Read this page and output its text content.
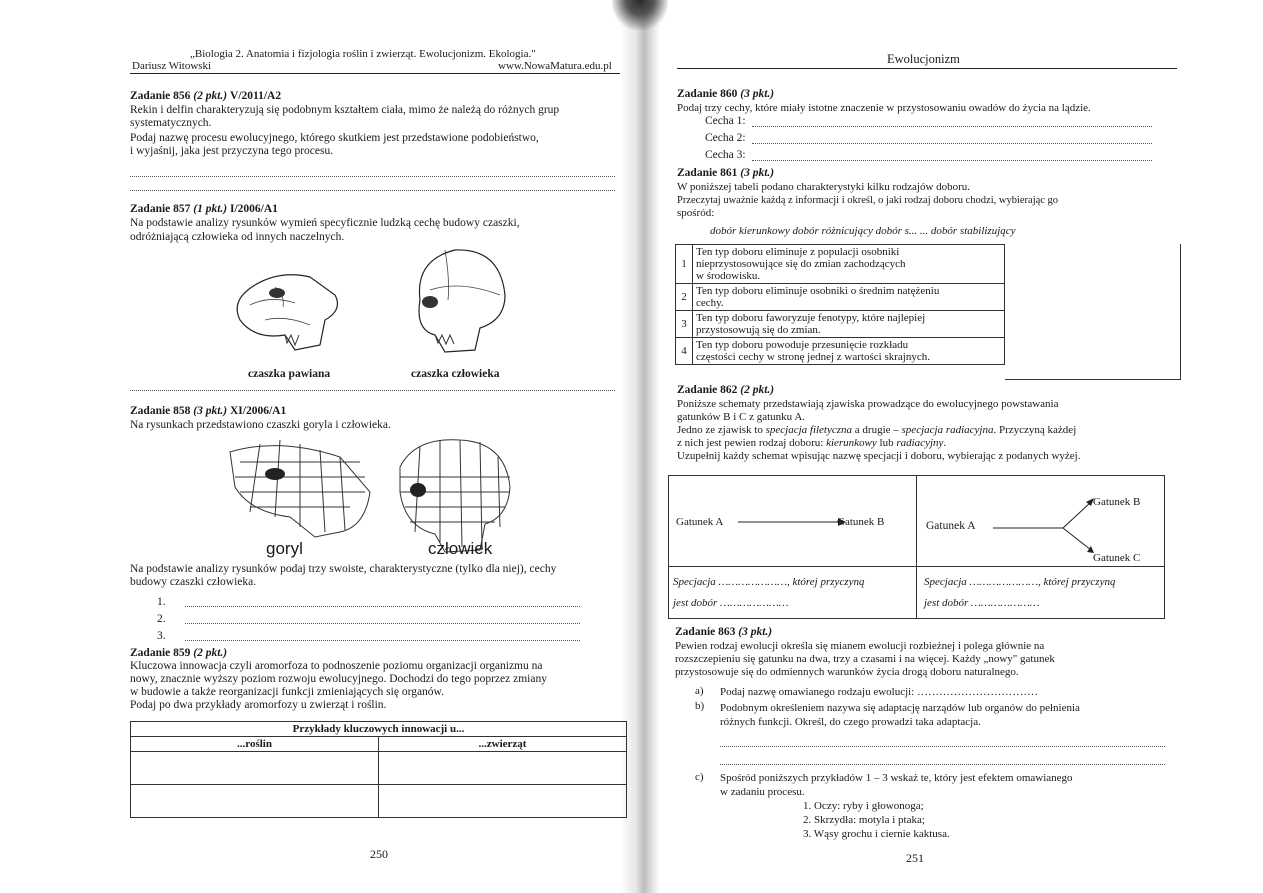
„Biologia 2. Anatomia i fizjologia roślin i zwierząt. Ewolucjonizm. Ekologia."
Dariusz Witowski	www.NowaMatura.edu.pl
Zadanie 856 (2 pkt.) V/2011/A2
Rekin i delfin charakteryzują się podobnym kształtem ciała, mimo że należą do różnych grup
systematycznych.
Podaj nazwę procesu ewolucyjnego, którego skutkiem jest przedstawione podobieństwo,
i wyjaśnij, jaka jest przyczyna tego procesu.
Zadanie 857 (1 pkt.) I/2006/A1
Na podstawie analizy rysunków wymień specyficznie ludzką cechę budowy czaszki,
odróżniającą człowieka od innych naczelnych.
czaszka pawiana	czaszka człowieka
Zadanie 858 (3 pkt.) XI/2006/A1
Na rysunkach przedstawiono czaszki goryla i człowieka.
goryl	człowiek
Na podstawie analizy rysunków podaj trzy swoiste, charakterystyczne (tylko dla niej), cechy
budowy czaszki człowieka.
1.
2.
3.
Zadanie 859 (2 pkt.)
Kluczowa innowacja czyli aromorfoza to podnoszenie poziomu organizacji organizmu na
nowy, znacznie wyższy poziom rozwoju ewolucyjnego. Dochodzi do tego poprzez zmiany
w budowie a także reorganizacji funkcji zmieniających się organów.
Podaj po dwa przykłady aromorfozy u zwierząt i roślin.
Przykłady kluczowych innowacji u...	
...roślin	...zwierząt

250
Ewolucjonizm
Zadanie 860 (3 pkt.)
Podaj trzy cechy, które miały istotne znaczenie w przystosowaniu owadów do życia na lądzie.
Cecha 1:
Cecha 2:
Cecha 3:
Zadanie 861 (3 pkt.)
W poniższej tabeli podano charakterystyki kilku rodzajów doboru.
Przeczytaj uważnie każdą z informacji i określ, o jaki rodzaj doboru chodzi, wybierając go
spośród:
dobór kierunkowy dobór różnicujący dobór s... ... dobór stabilizujący
1	Ten typ doboru eliminuje z populacji osobniki
nieprzystosowujące się do zmian zachodzących
w środowisku.

2	Ten typ doboru eliminuje osobniki o średnim natężeniu
cechy.

3	Ten typ doboru faworyzuje fenotypy, które najlepiej
przystosowują się do zmian.

4	Ten typ doboru powoduje przesunięcie rozkładu
częstości cechy w stronę jednej z wartości skrajnych.
Zadanie 862 (2 pkt.)
Poniższe schematy przedstawiają zjawiska prowadzące do ewolucyjnego powstawania
gatunków B i C z gatunku A.
Jedno ze zjawisk to specjacja filetyczna a drugie – specjacja radiacyjna. Przyczyną każdej
z nich jest pewien rodzaj doboru: kierunkowy lub radiacyjny.
Uzupełnij każdy schemat wpisując nazwę specjacji i doboru, wybierając z podanych wyżej.
Gatunek A	Gatunek B	Gatunek A
Gatunek B
Gatunek C
Specjacja …………………, której przyczyną
jest dobór …………………
Specjacja …………………, której przyczyną
jest dobór …………………
Zadanie 863 (3 pkt.)
Pewien rodzaj ewolucji określa się mianem ewolucji rozbieżnej i polega głównie na
rozszczepieniu się gatunku na dwa, trzy a czasami i na więcej. Każdy „nowy" gatunek
przystosowuje się do odmiennych warunków życia drogą doboru naturalnego.
a) Podaj nazwę omawianego rodzaju ewolucji: ……………………………
b) Podobnym określeniem nazywa się adaptację narządów lub organów do pełnienia
różnych funkcji. Określ, do czego prowadzi taka adaptacja.
c) Spośród poniższych przykładów 1 – 3 wskaż te, który jest efektem omawianego
w zadaniu procesu.
1. Oczy: ryby i głowonoga;
2. Skrzydła: motyla i ptaka;
3. Wąsy grochu i ciernie kaktusa.
251
